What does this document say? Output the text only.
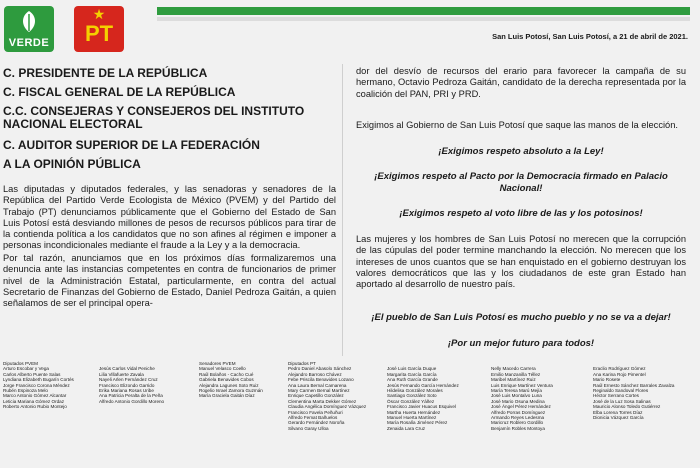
VERDE
★
PT	San Luis Potosí, San Luis Potosí, a 21 de abril de 2021.

C. PRESIDENTE DE LA REPÚBLICA

C. FISCAL GENERAL DE LA REPÚBLICA

C.C. CONSEJERAS Y CONSEJEROS DEL INSTITUTO NACIONAL ELECTORAL

C. AUDITOR SUPERIOR DE LA FEDERACIÓN

A LA OPINIÓN PÚBLICA

Las diputadas y diputados federales, y las senadoras y senadores de la República del Partido Verde Ecologista de México (PVEM) y del Partido del Trabajo (PT) denunciamos públicamente que el Gobierno del Estado de San Luis Potosí está desviando millones de pesos de recursos públicos para tirar de la contienda política a los candidatos que no son afines al régimen e imponer a personas incondicionales mediante el fraude a la Ley y a la democracia.

Por tal razón, anunciamos que en los próximos días formalizaremos una denuncia ante las instancias competentes en contra de funcionarios de primer nivel de la Administración Estatal, particularmente, en contra del actual Secretario de Finanzas del Gobierno de Estado, Daniel Pedroza Gaitán, a quien señalamos de ser el principal opera-

dor del desvío de recursos del erario para favorecer la campaña de su hermano, Octavio Pedroza Gaitán, candidato de la derecha representada por la coalición del PAN, PRI y PRD.

Exigimos al Gobierno de San Luis Potosí que saque las manos de la elección.

¡Exigimos respeto absoluto a la Ley!

¡Exigimos respeto al Pacto por la Democracia firmado en Palacio Nacional!

¡Exigimos respeto al voto libre de las y los potosinos!

Las mujeres y los hombres de San Luis Potosí no merecen que la corrupción de las cúpulas del poder termine manchando la elección. No merecen que los intereses de unos cuantos que se han enquistado en el gobierno destruyan los valores democráticos que las y los ciudadanos de este gran Estado han aportado al desarrollo de nuestro país.

¡El pueblo de San Luis Potosí es mucho pueblo y no se va a dejar!

¡Por un mejor futuro para todos!

Diputados PVEM
Arturo Escobar y Vega
Carlos Alberto Puente Salas
Lyndiana Elizabeth Bugarín Cortés
Jorge Francisco Corona Méndez
Rubén Espinoza Melo
Marco Antonio Gómez Alcantar
Leticia Mariana Gómez Ordaz
Roberto Antonio Rubio Montejo
Jesús Carlos Vidal Peniche
Lilia Villafuerte Zavala
Nayeli Arlen Fernández Cruz
Francisco Elizondo Garrido
Erika Mariana Rosas Uribe
Ana Patricia Peralta de la Peña
Alfredo Antonio Gordillo Moreno
Senadores PVEM
Manuel Velasco Coello
Raúl Bolaños - Cacho Cué
Gabriela Benavides Cobos
Alejandra Lagunes Soto Ruiz
Rogelio Israel Zamora Guzmán
María Graciela Gaitán Díaz
Diputados PT
Pedro Daniel Abasolo Sánchez
Alejandro Barroso Chávez
Febe Priscila Benavides Lozano
Ana Laura Bernal Camarena
Mary Carmen Bernal Martínez
Enrique Capetillo González
Clementina Marta Dekker Gómez
Claudia Angélica Domínguez Vázquez
Francisco Favela Peñuñuri
Alfredo Femat Bañuelos
Gerardo Fernández Noroña
Silvano Garay Ulloa
José Luis García Duque
Margarita García García
Ana Ruth García Grande
Jesús Fernando García Hernández
Hildelisa González Morales
Santiago González Soto
Óscar González Yáñez
Francisco Javier Huacus Esquivel
Martha Huerta Hernández
Manuel Huerta Martínez
María Rosalía Jiménez Pérez
Zenaida Lara Cruz
Nelly Macedo Carrera
Emilio Manzanilla Téllez
Maribel Martínez Ruiz
Luis Enrique Martínez Ventura
María Teresa Marú Mejía
José Luis Montalvo Luna
José Mario Osuna Medina
José Ángel Pérez Hernández
Alfredo Porras Domínguez
Armando Reyes Ledesma
Maricruz Roblero Gordillo
Benjamín Robles Montoya
Eraclio Rodríguez Gómez
Ana Karina Rojo Pimentel
Mario Rosete
Raúl Ernesto Sánchez Barrales Zavalza
Reginaldo Sandoval Flores
Héctor Serrano Cortes
José de la Luz Sosa Salinas
Mauricio Alonso Toledo Gutiérrez
Elba Lorena Torres Díaz
Dionicia Vázquez García
